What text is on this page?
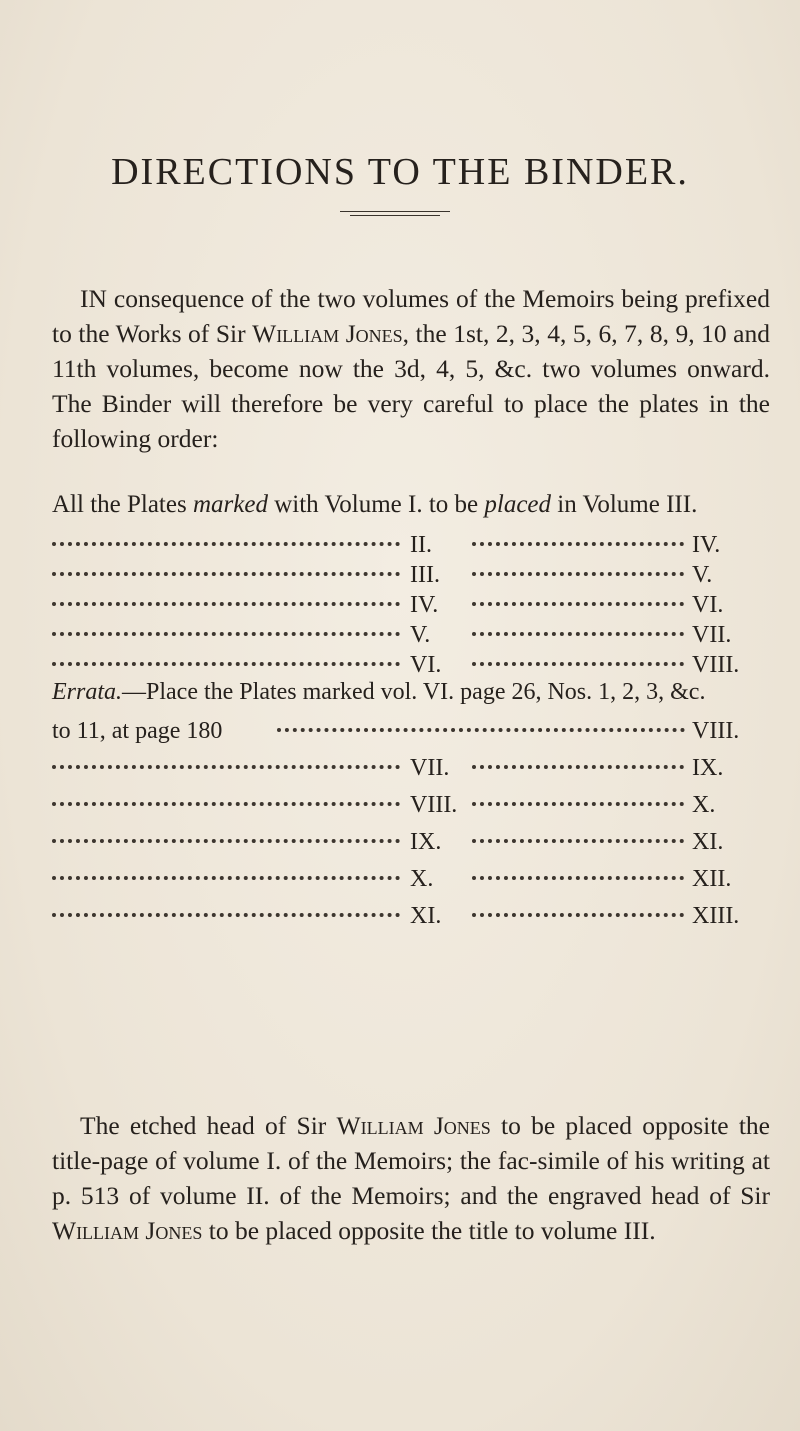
DIRECTIONS TO THE BINDER.
IN consequence of the two volumes of the Memoirs being prefixed to the Works of Sir William Jones, the 1st, 2, 3, 4, 5, 6, 7, 8, 9, 10 and 11th volumes, become now the 3d, 4, 5, &c. two volumes onward. The Binder will therefore be very careful to place the plates in the following order:
All the Plates marked with Volume I. to be placed in Volume III.
II.	IV.
III.	V.
IV.	VI.
V.	VII.
VI.	VIII.
Errata.—Place the Plates marked vol. VI. page 26, Nos. 1, 2, 3, &c.
to 11, at page 180	VIII.
VII.	IX.
VIII.	X.
IX.	XI.
X.	XII.
XI.	XIII.
The etched head of Sir William Jones to be placed opposite the title-page of volume I. of the Memoirs; the fac-simile of his writing at p. 513 of volume II. of the Memoirs; and the engraved head of Sir William Jones to be placed opposite the title to volume III.
